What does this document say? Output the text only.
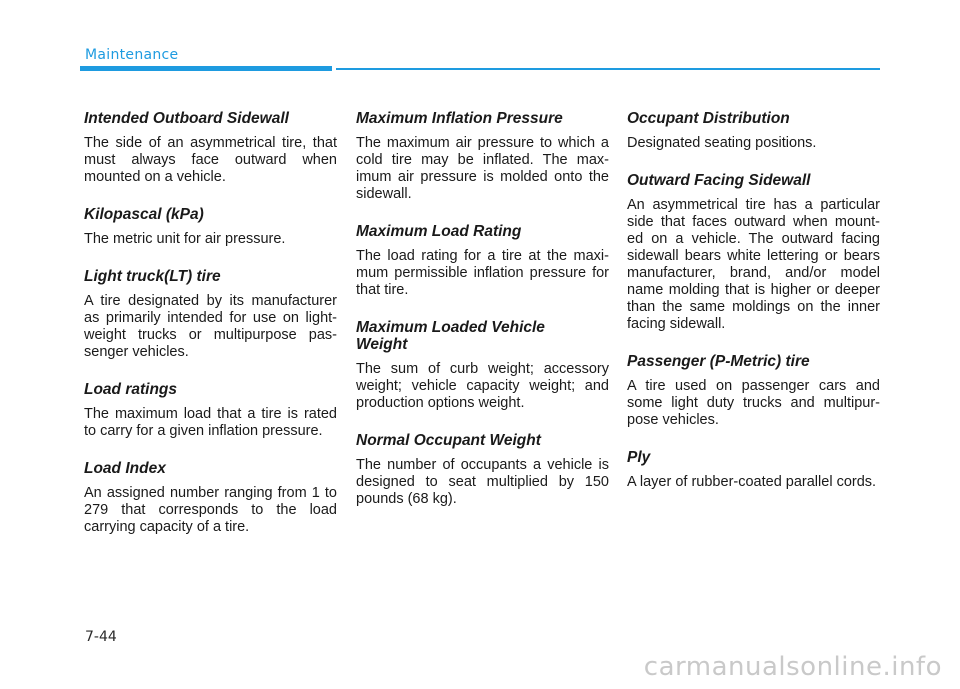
Maintenance
Intended Outboard Sidewall

The side of an asymmetrical tire, that must always face outward when mounted on a vehicle.

Kilopascal (kPa)

The metric unit for air pressure.

Light truck(LT) tire

A tire designated by its manufacturer as primarily intended for use on light-weight trucks or multipurpose pas-senger vehicles.

Load ratings

The maximum load that a tire is rated to carry for a given inflation pressure.

Load Index

An assigned number ranging from 1 to 279 that corresponds to the load carrying capacity of a tire.

Maximum Inflation Pressure

The maximum air pressure to which a cold tire may be inflated. The max-imum air pressure is molded onto the sidewall.

Maximum Load Rating

The load rating for a tire at the maxi-mum permissible inflation pressure for that tire.

Maximum Loaded Vehicle Weight

The sum of curb weight; accessory weight; vehicle capacity weight; and production options weight.

Normal Occupant Weight

The number of occupants a vehicle is designed to seat multiplied by 150 pounds (68 kg).

Occupant Distribution

Designated seating positions.

Outward Facing Sidewall

An asymmetrical tire has a particular side that faces outward when mount-ed on a vehicle. The outward facing sidewall bears white lettering or bears manufacturer, brand, and/or model name molding that is higher or deeper than the same moldings on the inner facing sidewall.

Passenger (P-Metric) tire

A tire used on passenger cars and some light duty trucks and multipur-pose vehicles.

Ply

A layer of rubber-coated parallel cords.

7-44
carmanualsonline.info
